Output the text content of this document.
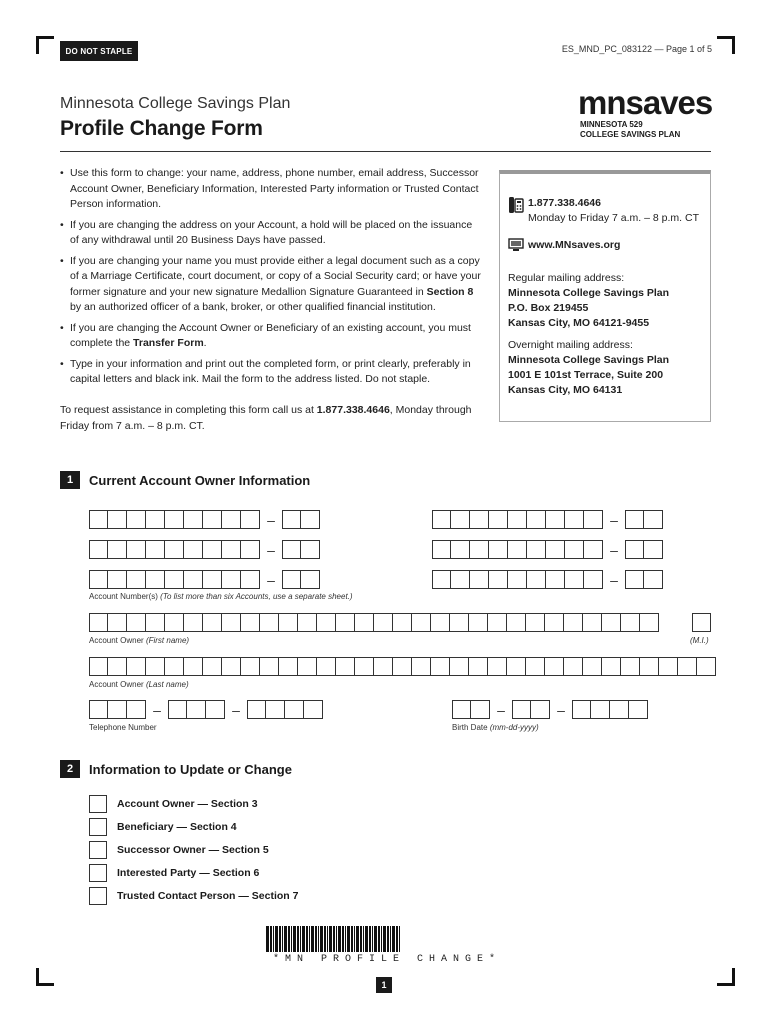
DO NOT STAPLE	ES_MND_PC_083122 — Page 1 of 5
Minnesota College Savings Plan
Profile Change Form
mnsaves
MINNESOTA 529
COLLEGE SAVINGS PLAN
• Use this form to change: your name, address, phone number, email address, Successor Account Owner, Beneficiary Information, Interested Party information or Trusted Contact Person information.
• If you are changing the address on your Account, a hold will be placed on the issuance of any withdrawal until 20 Business Days have passed.
• If you are changing your name you must provide either a legal document such as a copy of a Marriage Certificate, court document, or copy of a Social Security card; or have your former signature and your new signature Medallion Signature Guaranteed in Section 8 by an authorized officer of a bank, broker, or other qualified financial institution.
• If you are changing the Account Owner or Beneficiary of an existing account, you must complete the Transfer Form.
• Type in your information and print out the completed form, or print clearly, preferably in capital letters and black ink. Mail the form to the address listed. Do not staple.
To request assistance in completing this form call us at 1.877.338.4646, Monday through Friday from 7 a.m. – 8 p.m. CT.
1.877.338.4646
Monday to Friday 7 a.m. – 8 p.m. CT
www.MNsaves.org
Regular mailing address:
Minnesota College Savings Plan
P.O. Box 219455
Kansas City, MO 64121-9455
Overnight mailing address:
Minnesota College Savings Plan
1001 E 101st Terrace, Suite 200
Kansas City, MO 64131
1	Current Account Owner Information
–	–
–	–
–	–
Account Number(s) (To list more than six Accounts, use a separate sheet.)
Account Owner (First name)	(M.I.)
Account Owner (Last name)
–	–
Telephone Number
–	–
Birth Date (mm-dd-yyyy)
2	Information to Update or Change
Account Owner — Section 3
Beneficiary — Section 4
Successor Owner — Section 5
Interested Party — Section 6
Trusted Contact Person — Section 7
*MN PROFILE CHANGE*
1
